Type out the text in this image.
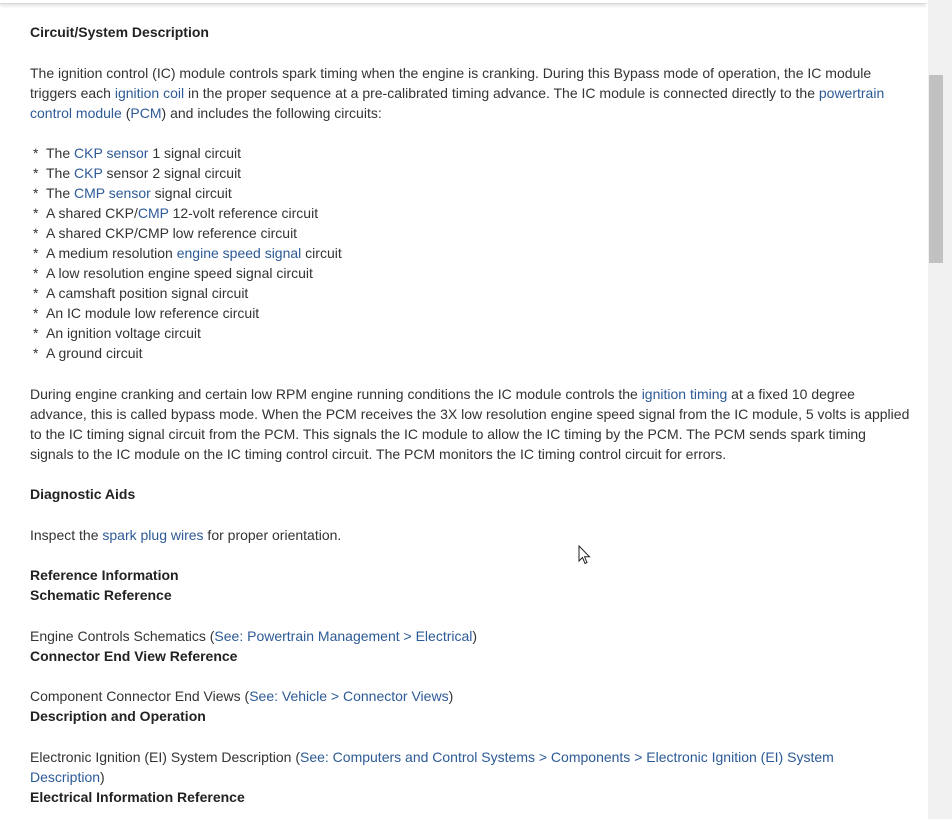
Circuit/System Description

The ignition control (IC) module controls spark timing when the engine is cranking. During this Bypass mode of operation, the IC module triggers each ignition coil in the proper sequence at a pre-calibrated timing advance. The IC module is connected directly to the powertrain control module (PCM) and includes the following circuits:

* The CKP sensor 1 signal circuit
* The CKP sensor 2 signal circuit
* The CMP sensor signal circuit
* A shared CKP/CMP 12-volt reference circuit
* A shared CKP/CMP low reference circuit
* A medium resolution engine speed signal circuit
* A low resolution engine speed signal circuit
* A camshaft position signal circuit
* An IC module low reference circuit
* An ignition voltage circuit
* A ground circuit

During engine cranking and certain low RPM engine running conditions the IC module controls the ignition timing at a fixed 10 degree advance, this is called bypass mode. When the PCM receives the 3X low resolution engine speed signal from the IC module, 5 volts is applied to the IC timing signal circuit from the PCM. This signals the IC module to allow the IC timing by the PCM. The PCM sends spark timing signals to the IC module on the IC timing control circuit. The PCM monitors the IC timing control circuit for errors.

Diagnostic Aids

Inspect the spark plug wires for proper orientation.

Reference Information

Schematic Reference

Engine Controls Schematics (See: Powertrain Management > Electrical)

Connector End View Reference

Component Connector End Views (See: Vehicle > Connector Views)

Description and Operation

Electronic Ignition (EI) System Description (See: Computers and Control Systems > Components > Electronic Ignition (EI) System Description)

Electrical Information Reference
